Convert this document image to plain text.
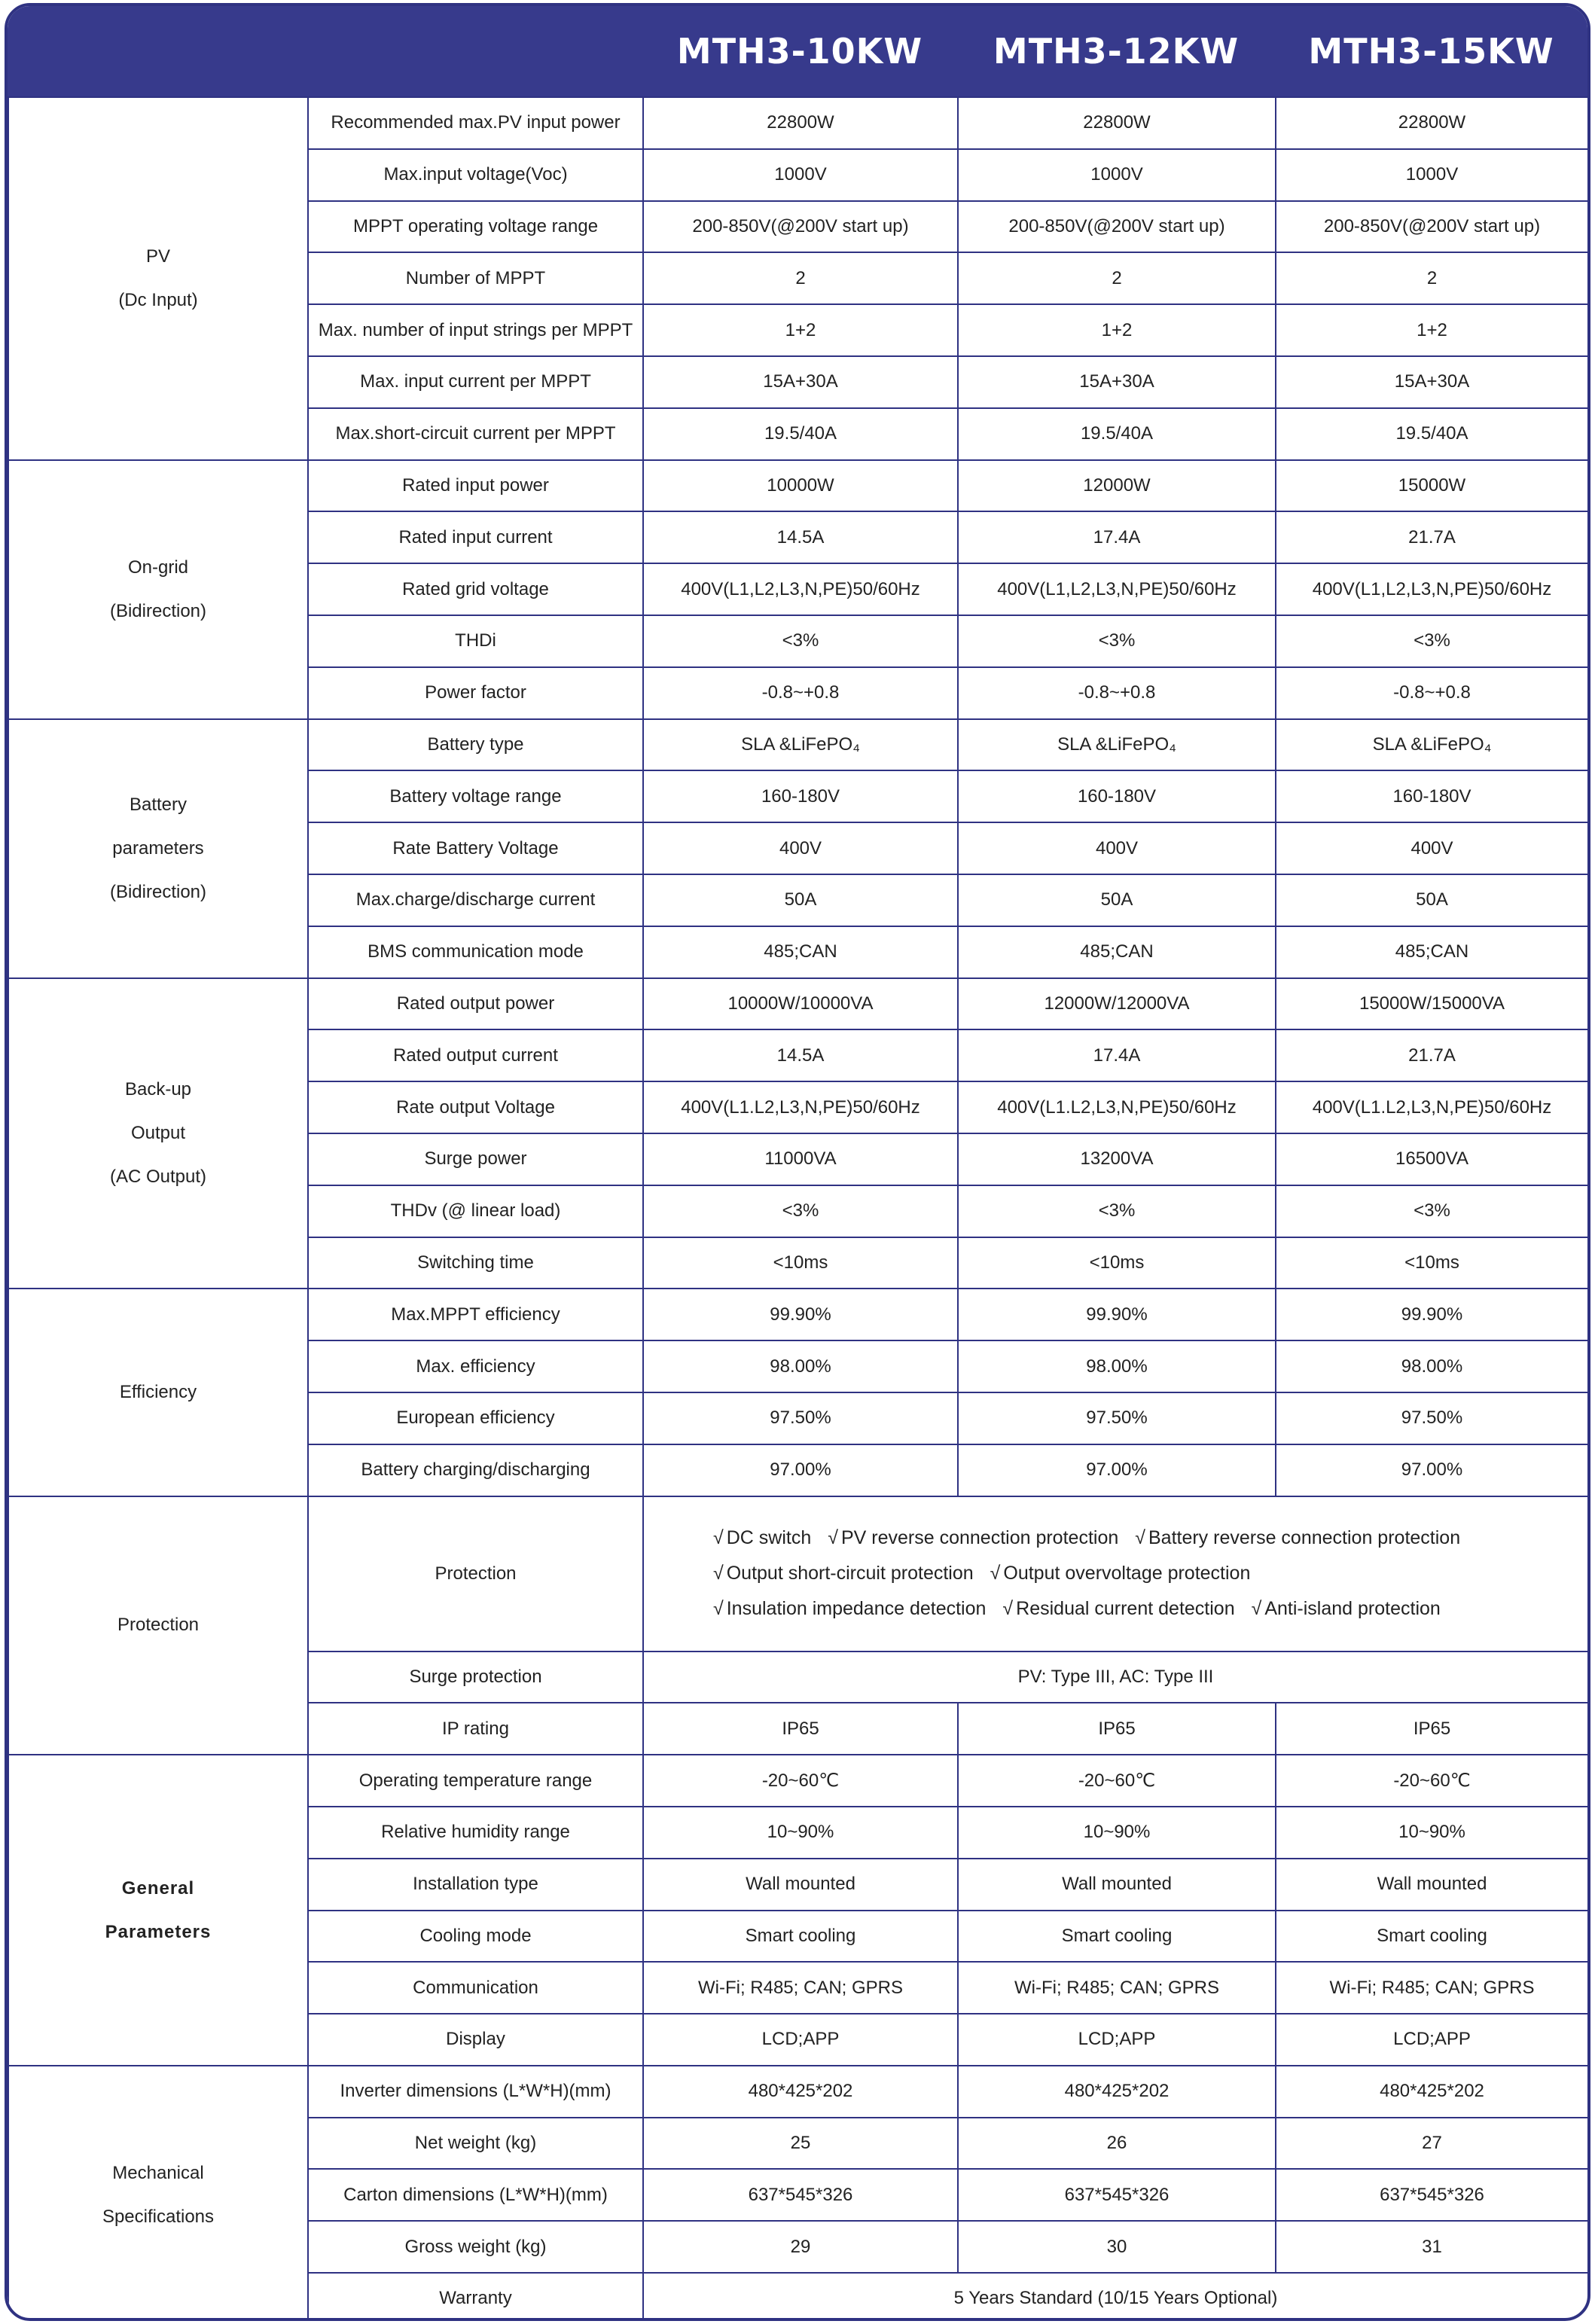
MTH3-10KW	MTH3-12KW	MTH3-15KW
PV
(Dc Input)	Recommended max.PV input power	22800W	22800W	22800W
	Max.input voltage(Voc)	1000V	1000V	1000V
	MPPT operating voltage range	200-850V(@200V start up)	200-850V(@200V start up)	200-850V(@200V start up)
	Number of MPPT	2	2	2
	Max. number of input strings per MPPT	1+2	1+2	1+2
	Max. input current per MPPT	15A+30A	15A+30A	15A+30A
	Max.short-circuit current per MPPT	19.5/40A	19.5/40A	19.5/40A

On-grid
(Bidirection)	Rated input power	10000W	12000W	15000W
	Rated input current	14.5A	17.4A	21.7A
	Rated grid voltage	400V(L1,L2,L3,N,PE)50/60Hz	400V(L1,L2,L3,N,PE)50/60Hz	400V(L1,L2,L3,N,PE)50/60Hz
	THDi	<3%	<3%	<3%
	Power factor	-0.8~+0.8	-0.8~+0.8	-0.8~+0.8

Battery
parameters
(Bidirection)	Battery type	SLA &LiFePO₄	SLA &LiFePO₄	SLA &LiFePO₄
	Battery voltage range	160-180V	160-180V	160-180V
	Rate Battery Voltage	400V	400V	400V
	Max.charge/discharge current	50A	50A	50A
	BMS communication mode	485;CAN	485;CAN	485;CAN

Back-up
Output
(AC Output)	Rated output power	10000W/10000VA	12000W/12000VA	15000W/15000VA
	Rated output current	14.5A	17.4A	21.7A
	Rate output Voltage	400V(L1.L2,L3,N,PE)50/60Hz	400V(L1.L2,L3,N,PE)50/60Hz	400V(L1.L2,L3,N,PE)50/60Hz
	Surge power	11000VA	13200VA	16500VA
	THDv (@ linear load)	<3%	<3%	<3%
	Switching time	<10ms	<10ms	<10ms

Efficiency	Max.MPPT efficiency	99.90%	99.90%	99.90%
	Max. efficiency	98.00%	98.00%	98.00%
	European efficiency	97.50%	97.50%	97.50%
	Battery charging/discharging	97.00%	97.00%	97.00%

Protection	Protection	√ DC switch √ PV reverse connection protection √ Battery reverse connection protection
√ Output short-circuit protection √ Output overvoltage protection
√ Insulation impedance detection √ Residual current detection √ Anti-island protection		

	Surge protection	PV: Type III, AC: Type III		
	IP rating	IP65	IP65	IP65

General
Parameters	Operating temperature range	-20~60℃	-20~60℃	-20~60℃
	Relative humidity range	10~90%	10~90%	10~90%
	Installation type	Wall mounted	Wall mounted	Wall mounted
	Cooling mode	Smart cooling	Smart cooling	Smart cooling
	Communication	Wi-Fi; R485; CAN; GPRS	Wi-Fi; R485; CAN; GPRS	Wi-Fi; R485; CAN; GPRS
	Display	LCD;APP	LCD;APP	LCD;APP

Mechanical
Specifications	Inverter dimensions (L*W*H)(mm)	480*425*202	480*425*202	480*425*202
	Net weight (kg)	25	26	27
	Carton dimensions (L*W*H)(mm)	637*545*326	637*545*326	637*545*326
	Gross weight (kg)	29	30	31
	Warranty	5 Years Standard (10/15 Years Optional)		
